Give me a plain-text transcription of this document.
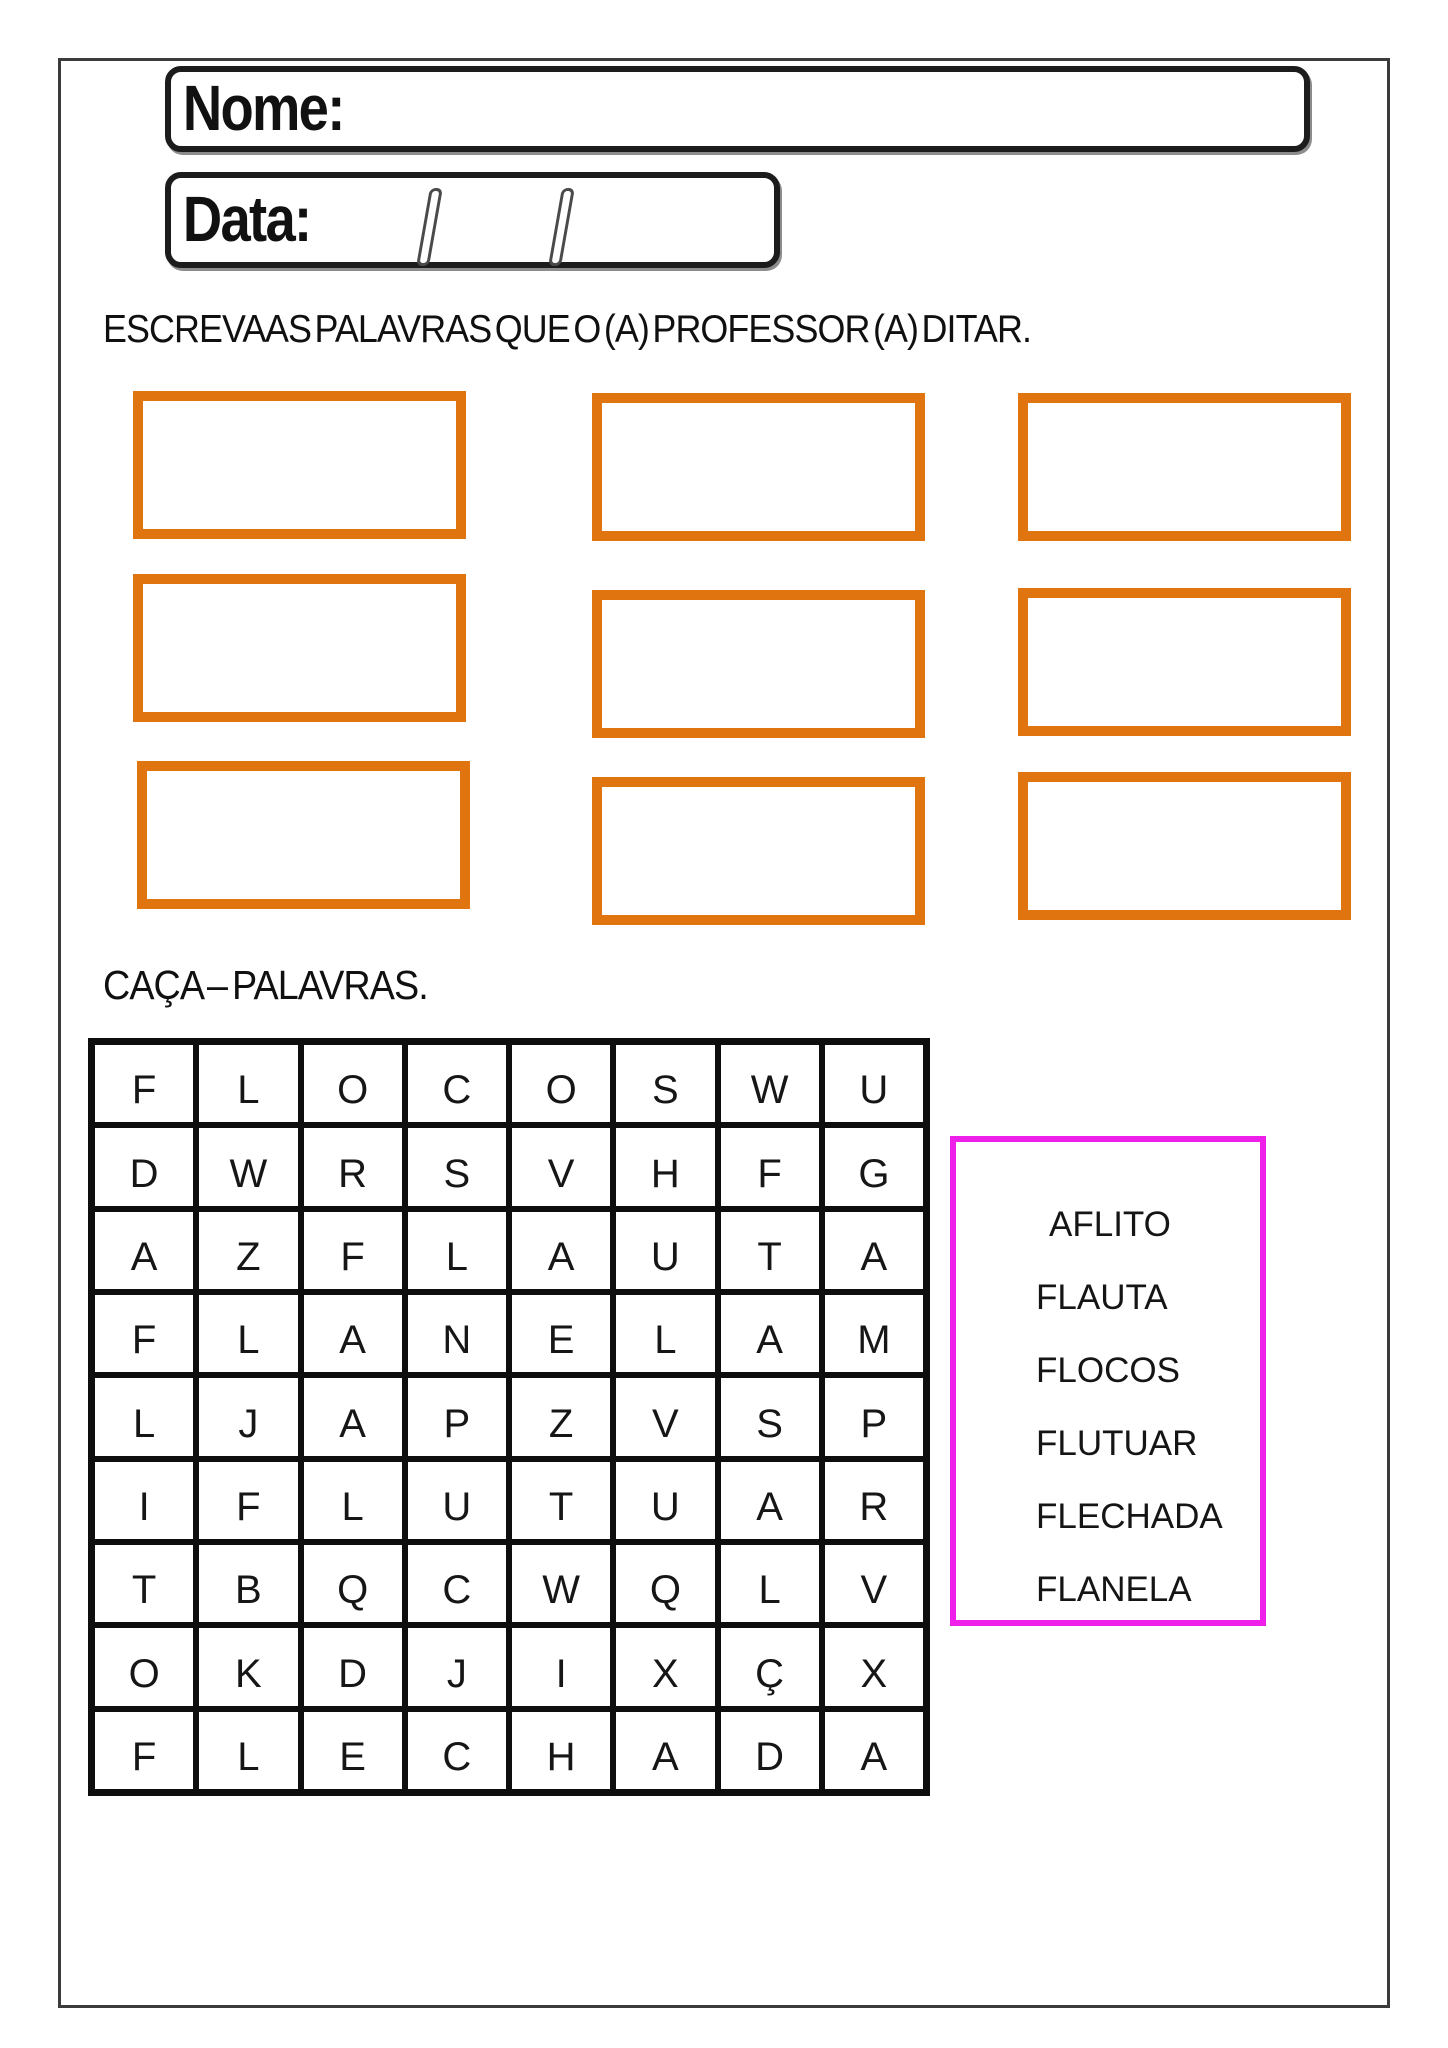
Nome:
Data:
ESCREVA AS PALAVRAS QUE O (A) PROFESSOR (A) DITAR.
CAÇA – PALAVRAS.
F	L	O	C	O	S	W	U
D	W	R	S	V	H	F	G
A	Z	F	L	A	U	T	A
F	L	A	N	E	L	A	M
L	J	A	P	Z	V	S	P
I	F	L	U	T	U	A	R
T	B	Q	C	W	Q	L	V
O	K	D	J	I	X	Ç	X
F	L	E	C	H	A	D	A
AFLITO
FLAUTA
FLOCOS
FLUTUAR
FLECHADA
FLANELA
